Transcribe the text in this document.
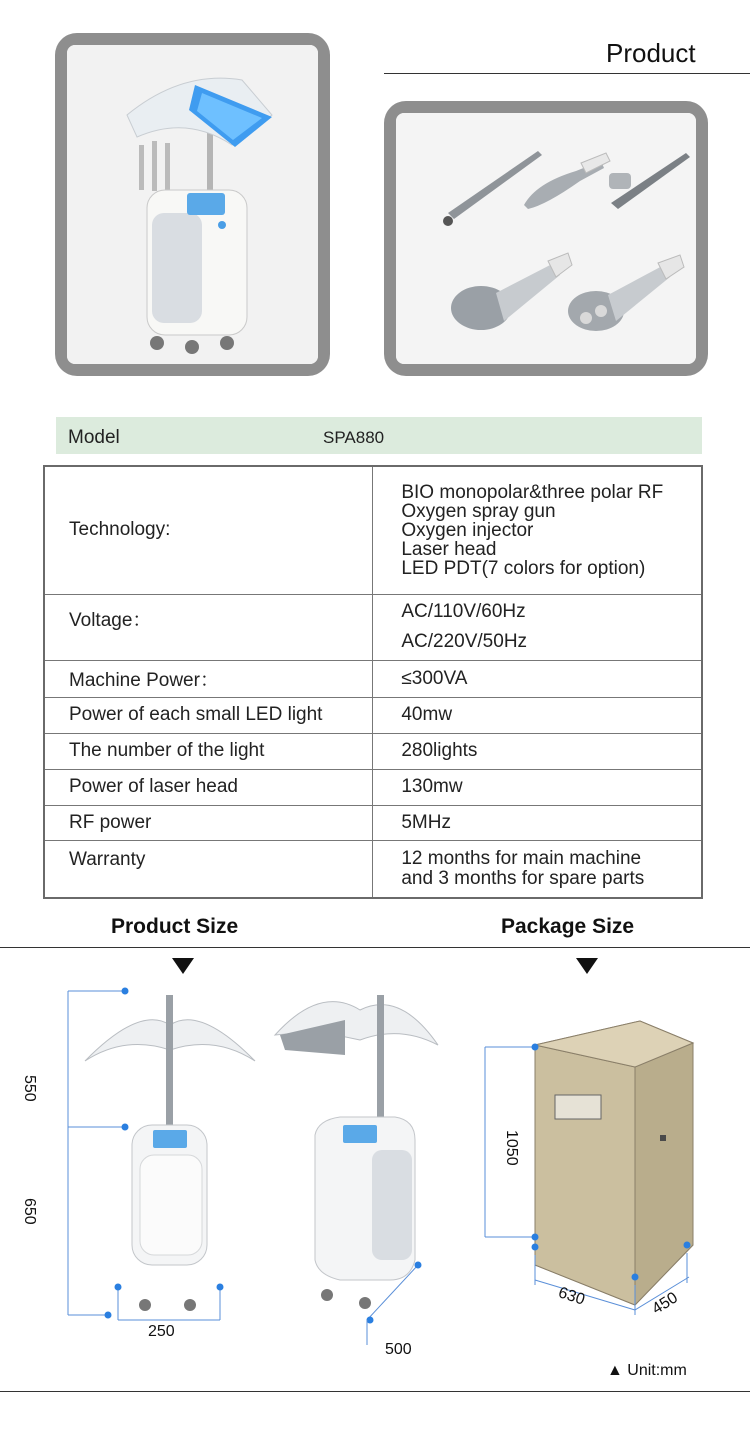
Product
Model	SPA880
Technology:	BIO monopolar&three polar RF
Oxygen spray gun
Oxygen injector
Laser head
LED PDT(7 colors for option)

Voltage：	AC/110V/60Hz
AC/220V/50Hz

Machine Power：	≤300VA
Power of each small LED light	40mw
The number of the light	280lights
Power of laser head	130mw
RF power	5MHz
Warranty	12 months for main machine
and 3 months for spare parts
Product Size	Package Size
550
650
250
500
1050
630	450
▲ Unit:mm
